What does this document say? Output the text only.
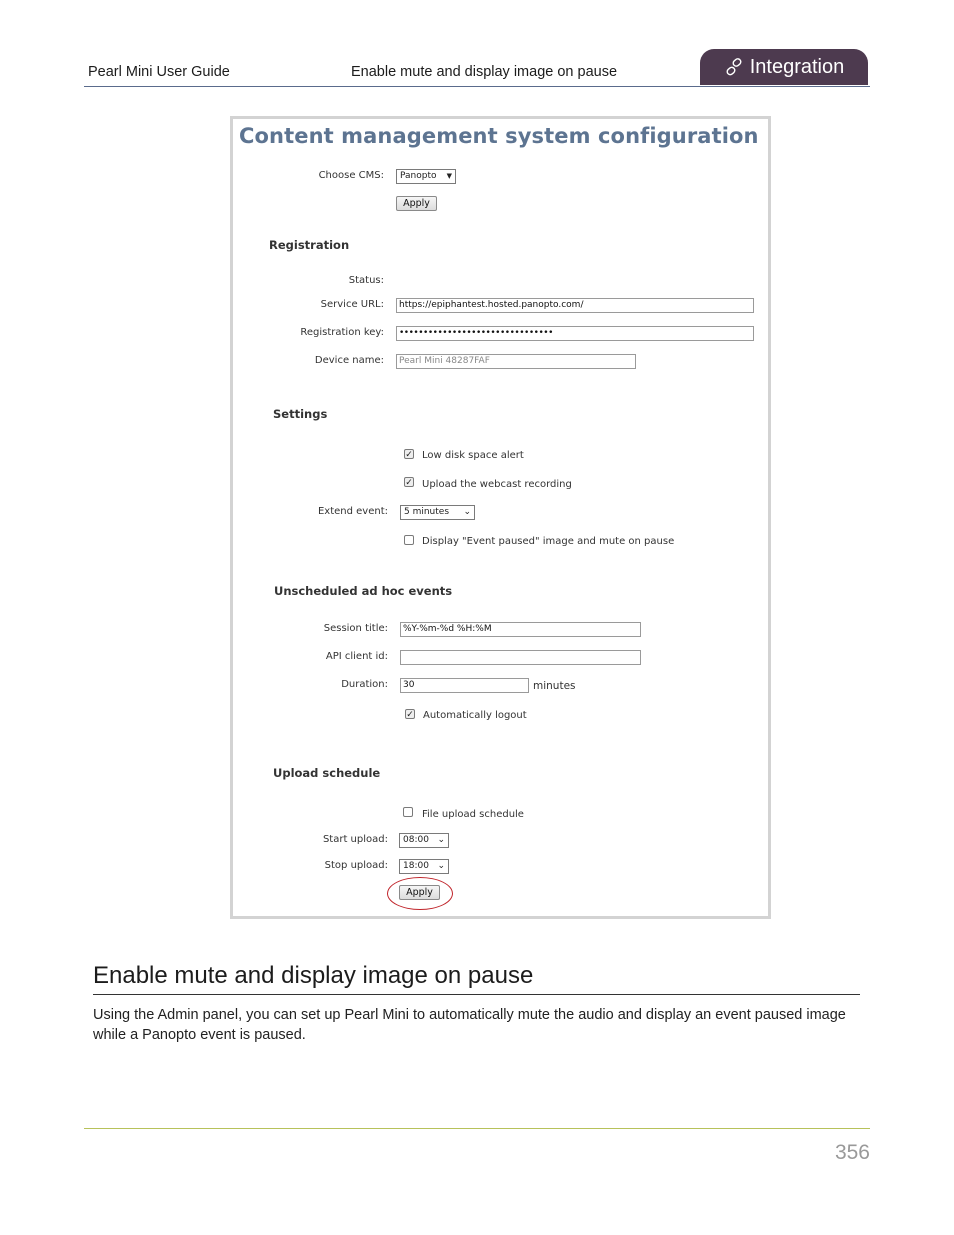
Pearl Mini User Guide	Enable mute and display image on pause	Integration
Content management system configuration
Choose CMS: Panopto ▼
Apply
Registration
Status:
Service URL:	https://epiphantest.hosted.panopto.com/
Registration key:	••••••••••••••••••••••••••••••••
Device name:	Pearl Mini 48287FAF
Settings
✓ Low disk space alert
✓ Upload the webcast recording
Extend event: 5 minutes ⌄
Display "Event paused" image and mute on pause
Unscheduled ad hoc events
Session title:	%Y-%m-%d %H:%M
API client id:
Duration:	30	minutes
✓ Automatically logout
Upload schedule
File upload schedule
Start upload: 08:00 ⌄
Stop upload: 18:00 ⌄
Apply
Enable mute and display image on pause
Using the Admin panel, you can set up Pearl Mini to automatically mute the audio and display an event paused image while a Panopto event is paused.
356
